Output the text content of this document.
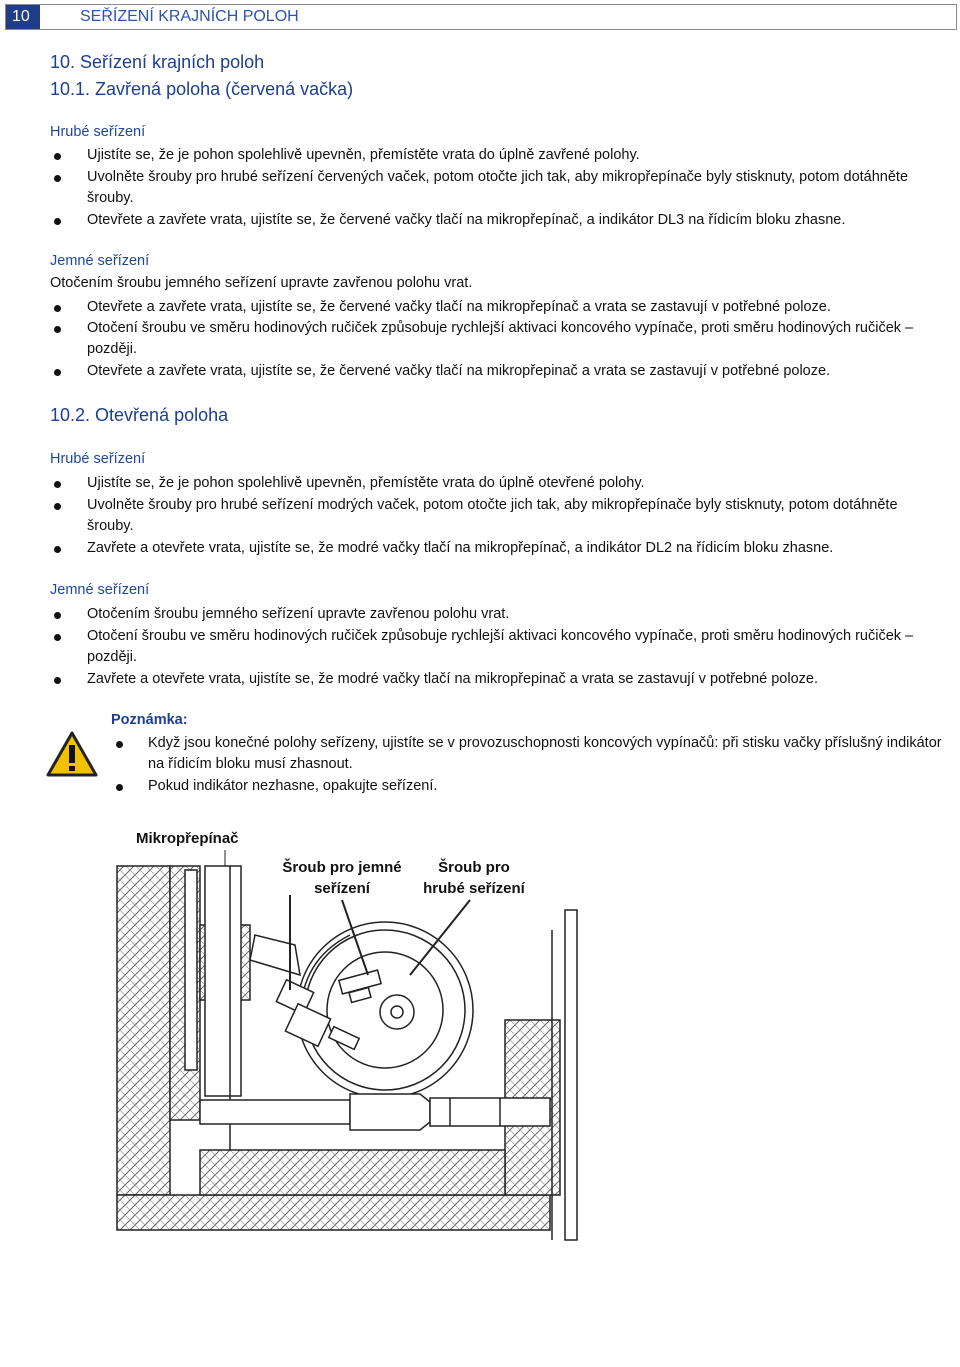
10	SEŘÍZENÍ KRAJNÍCH POLOH
10. Seřízení krajních poloh
10.1. Zavřená poloha (červená vačka)
Hrubé seřízení
Ujistíte se, že je pohon spolehlivě upevněn, přemístěte vrata do úplně zavřené polohy.
Uvolněte šrouby pro hrubé seřízení červených vaček, potom otočte jich tak, aby mikropřepínače byly stisknuty, potom dotáhněte šrouby.
Otevřete a zavřete vrata, ujistíte se, že červené vačky tlačí na mikropřepínač, a indikátor DL3 na řídicím bloku zhasne.
Jemné seřízení
Otočením šroubu jemného seřízení upravte zavřenou polohu vrat.
Otevřete a zavřete vrata, ujistíte se, že červené vačky tlačí na mikropřepínač a vrata se zastavují v potřebné poloze.
Otočení šroubu ve směru hodinových ručiček způsobuje rychlejší aktivaci koncového vypínače, proti směru hodinových ručiček – později.
Otevřete a zavřete vrata, ujistíte se, že červené vačky tlačí na mikropřepinač a vrata se zastavují v potřebné poloze.
10.2. Otevřená poloha
Hrubé seřízení
Ujistíte se, že je pohon spolehlivě upevněn, přemístěte vrata do úplně otevřené polohy.
Uvolněte šrouby pro hrubé seřízení modrých vaček, potom otočte jich tak, aby mikropřepínače byly stisknuty, potom dotáhněte šrouby.
Zavřete a otevřete vrata, ujistíte se, že modré vačky tlačí na mikropřepínač, a indikátor DL2 na řídicím bloku zhasne.
Jemné seřízení
Otočením šroubu jemného seřízení upravte zavřenou polohu vrat.
Otočení šroubu ve směru hodinových ručiček způsobuje rychlejší aktivaci koncového vypínače, proti směru hodinových ručiček – později.
Zavřete a otevřete vrata, ujistíte se, že modré vačky tlačí na mikropřepinač a vrata se zastavují v potřebné poloze.
Poznámka:
Když jsou konečné polohy seřízeny, ujistíte se v provozuschopnosti koncových vypínačů: při stisku vačky příslušný indikátor na řídicím bloku musí zhasnout.
Pokud indikátor nezhasne, opakujte seřízení.
Mikropřepínač
Šroub pro jemné seřízení
Šroub pro hrubé seřízení
